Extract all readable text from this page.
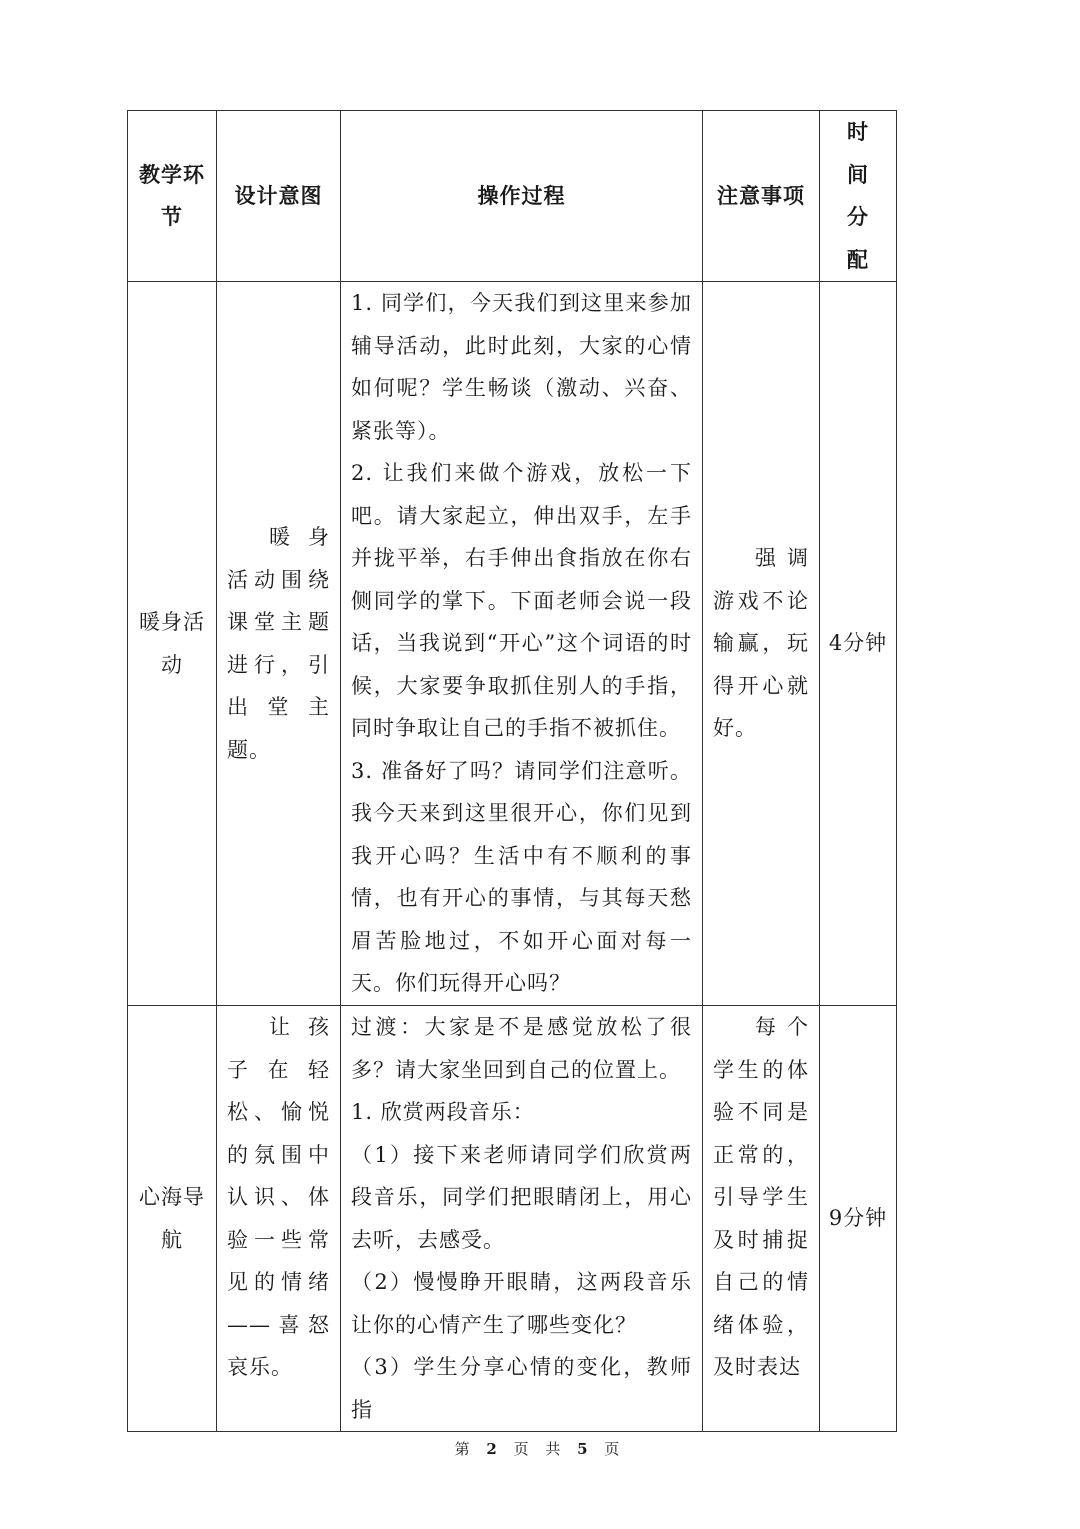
教学环节	设计意图	操作过程	注意事项	时
间
分
配

暖身活动	暖身活动围绕课堂主题进行，引出堂主题。	1. 同学们，今天我们到这里来参加辅导活动，此时此刻，大家的心情如何呢？学生畅谈（激动、兴奋、紧张等）。
2. 让我们来做个游戏，放松一下吧。请大家起立，伸出双手，左手并拢平举，右手伸出食指放在你右侧同学的掌下。下面老师会说一段话，当我说到“开心”这个词语的时候，大家要争取抓住别人的手指，同时争取让自己的手指不被抓住。
3. 准备好了吗？请同学们注意听。我今天来到这里很开心，你们见到我开心吗？生活中有不顺利的事情，也有开心的事情，与其每天愁眉苦脸地过，不如开心面对每一天。你们玩得开心吗？	强调游戏不论输赢，玩得开心就好。	4分钟
心海导航	让孩子在轻松、愉悦的氛围中认识、体验一些常见的情绪——喜怒哀乐。	过渡：大家是不是感觉放松了很多？请大家坐回到自己的位置上。
1. 欣赏两段音乐：
（1）接下来老师请同学们欣赏两段音乐，同学们把眼睛闭上，用心去听，去感受。
（2）慢慢睁开眼睛，这两段音乐让你的心情产生了哪些变化？
（3）学生分享心情的变化，教师指	每个学生的体验不同是正常的，引导学生及时捕捉自己的情绪体验，及时表达	9分钟
第 2 页 共 5 页
